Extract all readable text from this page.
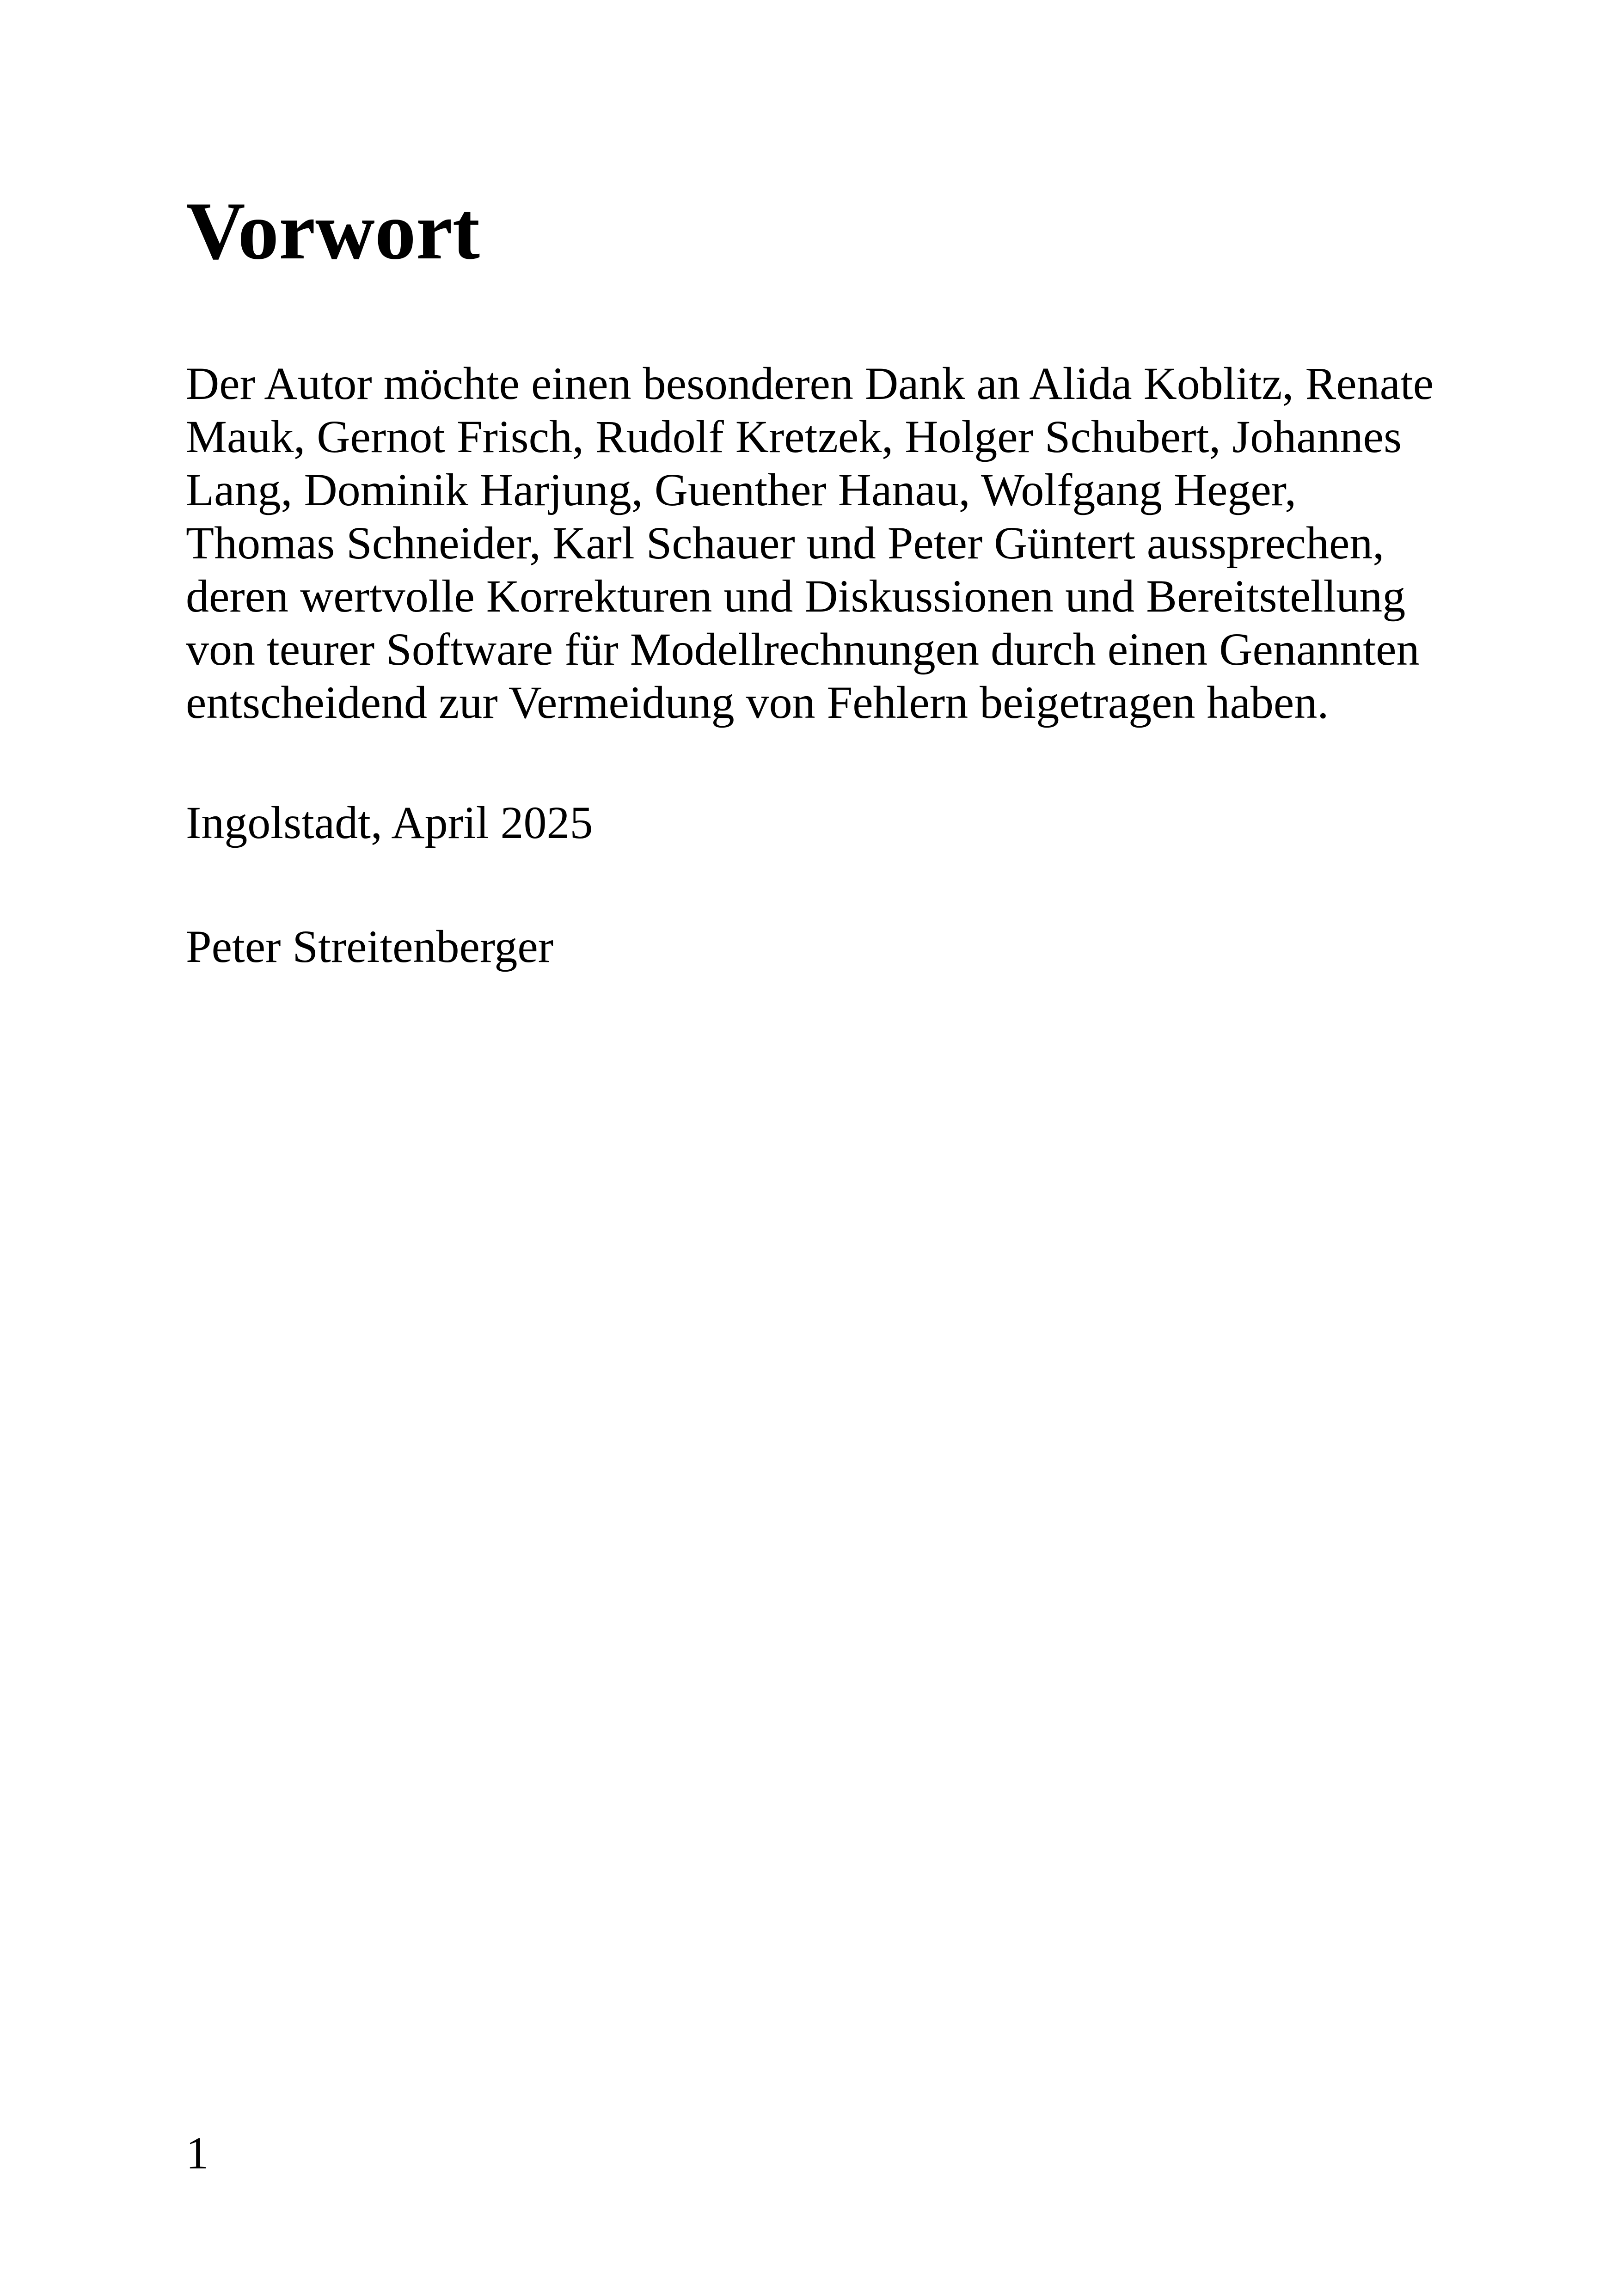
Vorwort
Der Autor möchte einen besonderen Dank an Alida Koblitz, Renate
Mauk, Gernot Frisch, Rudolf Kretzek, Holger Schubert, Johannes
Lang, Dominik Harjung, Guenther Hanau, Wolfgang Heger,
Thomas Schneider, Karl Schauer und Peter Güntert aussprechen,
deren wertvolle Korrekturen und Diskussionen und Bereitstellung
von teurer Software für Modellrechnungen durch einen Genannten
entscheidend zur Vermeidung von Fehlern beigetragen haben.
Ingolstadt, April 2025
Peter Streitenberger
1
